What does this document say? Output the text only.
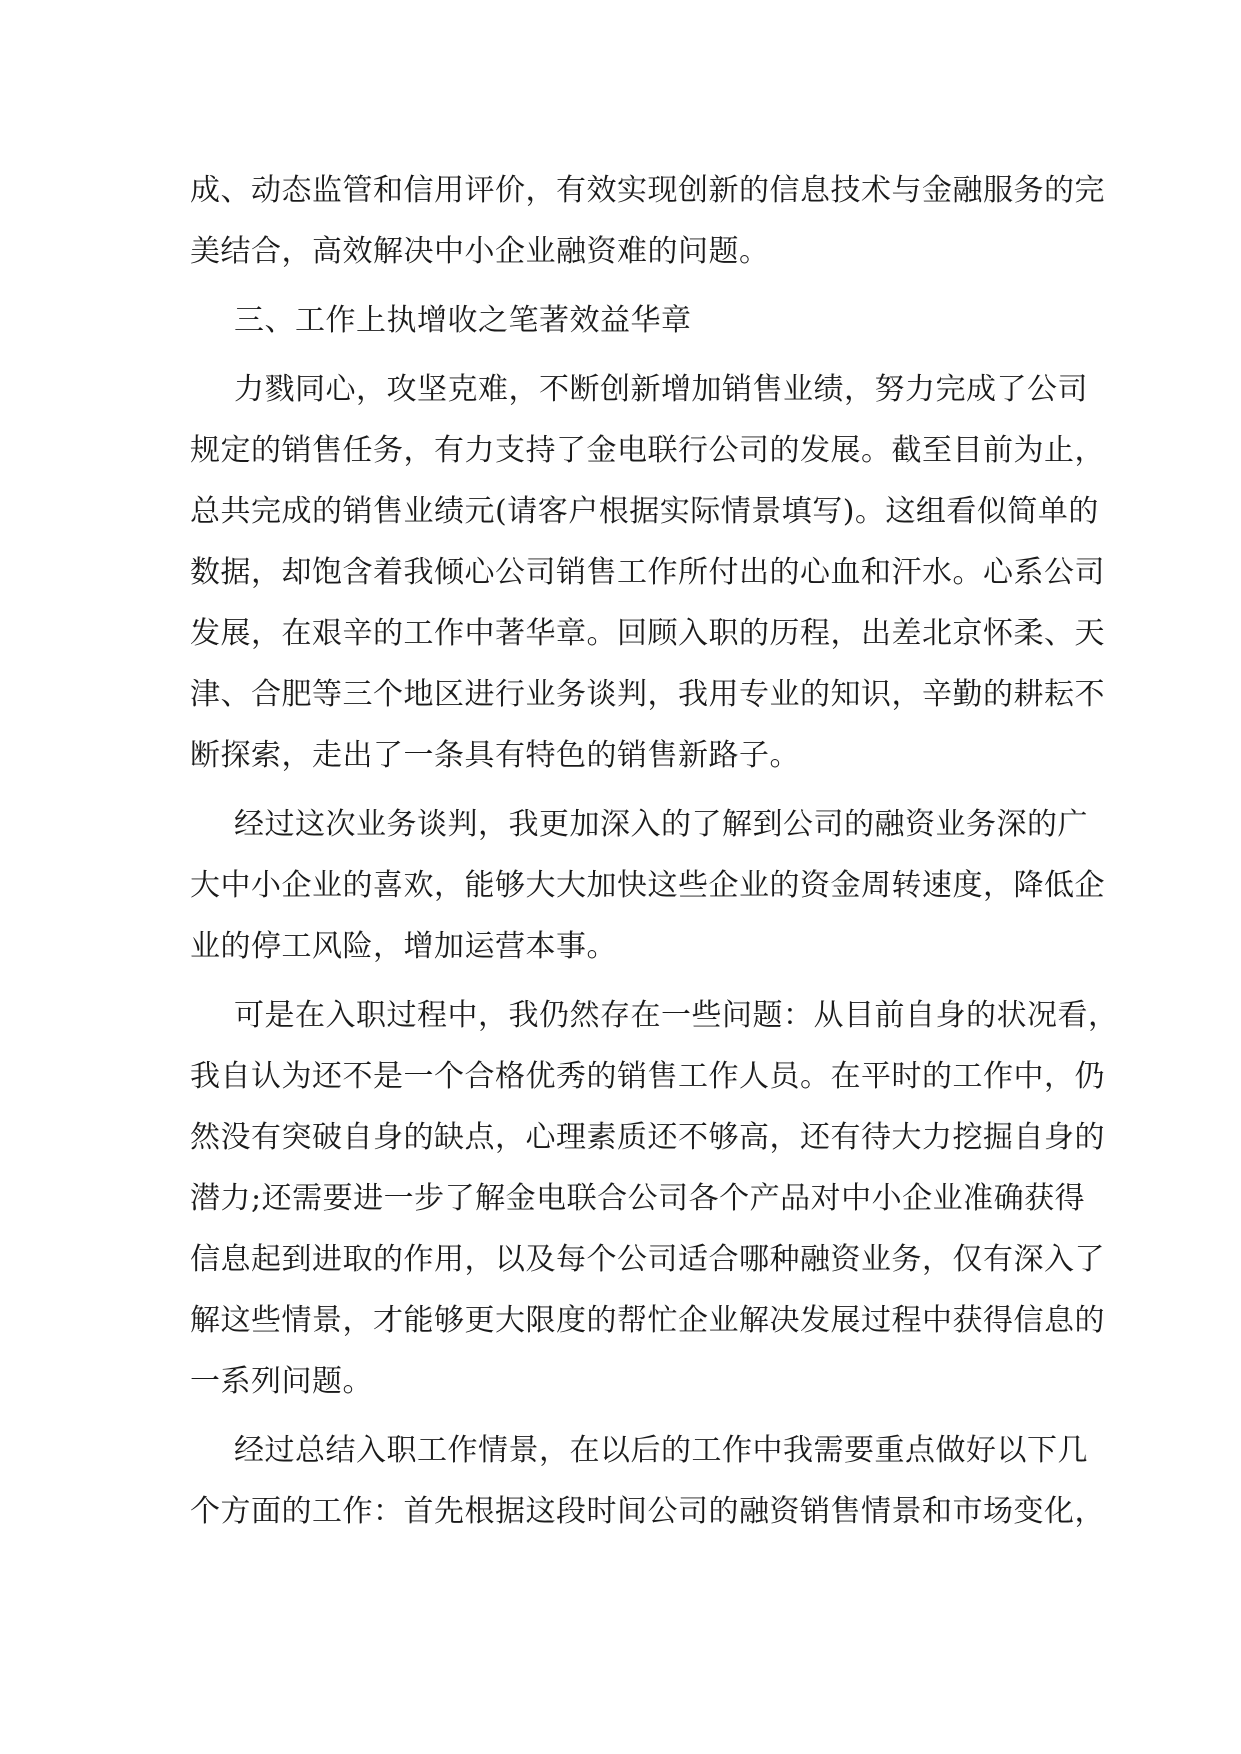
成、动态监管和信用评价，有效实现创新的信息技术与金融服务的完
美结合，高效解决中小企业融资难的问题。
三、工作上执增收之笔著效益华章
力戮同心，攻坚克难，不断创新增加销售业绩，努力完成了公司
规定的销售任务，有力支持了金电联行公司的发展。截至目前为止，
总共完成的销售业绩元(请客户根据实际情景填写)。这组看似简单的
数据，却饱含着我倾心公司销售工作所付出的心血和汗水。心系公司
发展，在艰辛的工作中著华章。回顾入职的历程，出差北京怀柔、天
津、合肥等三个地区进行业务谈判，我用专业的知识，辛勤的耕耘不
断探索，走出了一条具有特色的销售新路子。
经过这次业务谈判，我更加深入的了解到公司的融资业务深的广
大中小企业的喜欢，能够大大加快这些企业的资金周转速度，降低企
业的停工风险，增加运营本事。
可是在入职过程中，我仍然存在一些问题：从目前自身的状况看，
我自认为还不是一个合格优秀的销售工作人员。在平时的工作中，仍
然没有突破自身的缺点，心理素质还不够高，还有待大力挖掘自身的
潜力;还需要进一步了解金电联合公司各个产品对中小企业准确获得
信息起到进取的作用，以及每个公司适合哪种融资业务，仅有深入了
解这些情景，才能够更大限度的帮忙企业解决发展过程中获得信息的
一系列问题。
经过总结入职工作情景，在以后的工作中我需要重点做好以下几
个方面的工作：首先根据这段时间公司的融资销售情景和市场变化，
